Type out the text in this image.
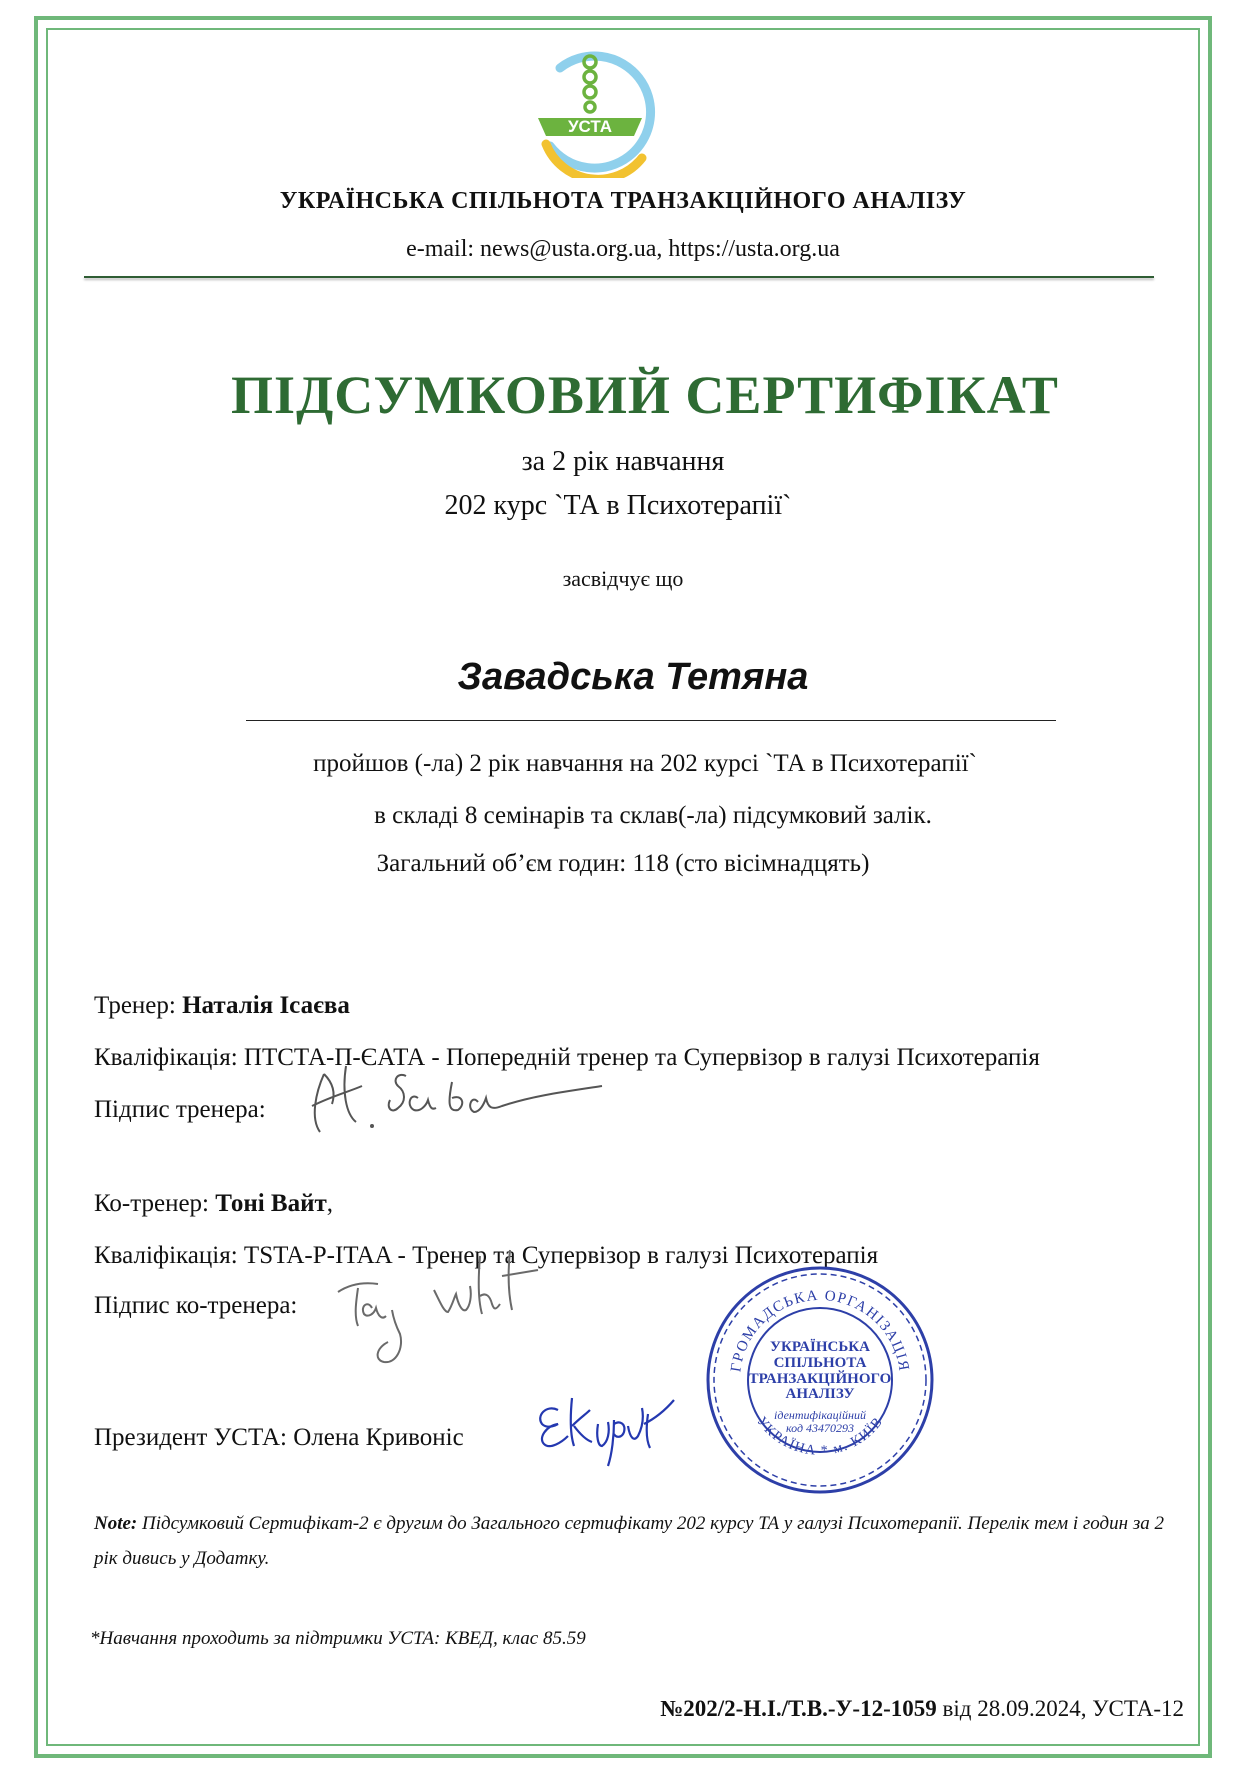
УСТА
УКРАЇНСЬКА СПІЛЬНОТА ТРАНЗАКЦІЙНОГО АНАЛІЗУ
e-mail: news@usta.org.ua, https://usta.org.ua
ПІДСУМКОВИЙ СЕРТИФІКАТ
за 2 рік навчання
202 курс `ТА в Психотерапії`
засвідчує що
Завадська Тетяна
пройшов (-ла) 2 рік навчання на 202 курсі `ТА в Психотерапії`
в складі 8 семінарів та склав(-ла) підсумковий залік.
Загальний об’єм годин: 118 (сто вісімнадцять)
Тренер: Наталія Ісаєва
Кваліфікація: ПТСТА-П-ЄАТА - Попередній тренер та Супервізор в галузі Психотерапія
Підпис тренера:
Ко-тренер: Тоні Вайт,
Кваліфікація: TSTA-P-ITAA - Тренер та Супервізор в галузі Психотерапія
Підпис ко-тренера:
Президент УСТА: Олена Кривоніс
ГРОМАДСЬКА ОРГАНІЗАЦІЯ
УКРАЇНА * м. КИЇВ
УКРАЇНСЬКА СПІЛЬНОТА
ТРАНЗАКЦІЙНОГО АНАЛІЗУ
ідентифікаційний
код 43470293
Note: Підсумковий Сертифікат-2 є другим до Загального сертифікату 202 курсу ТА у галузі Психотерапії. Перелік тем і годин за 2 рік дивись у Додатку.
*Навчання проходить за підтримки УСТА: КВЕД, клас 85.59
№202/2-Н.І./Т.В.-У-12-1059 від 28.09.2024, УСТА-12
